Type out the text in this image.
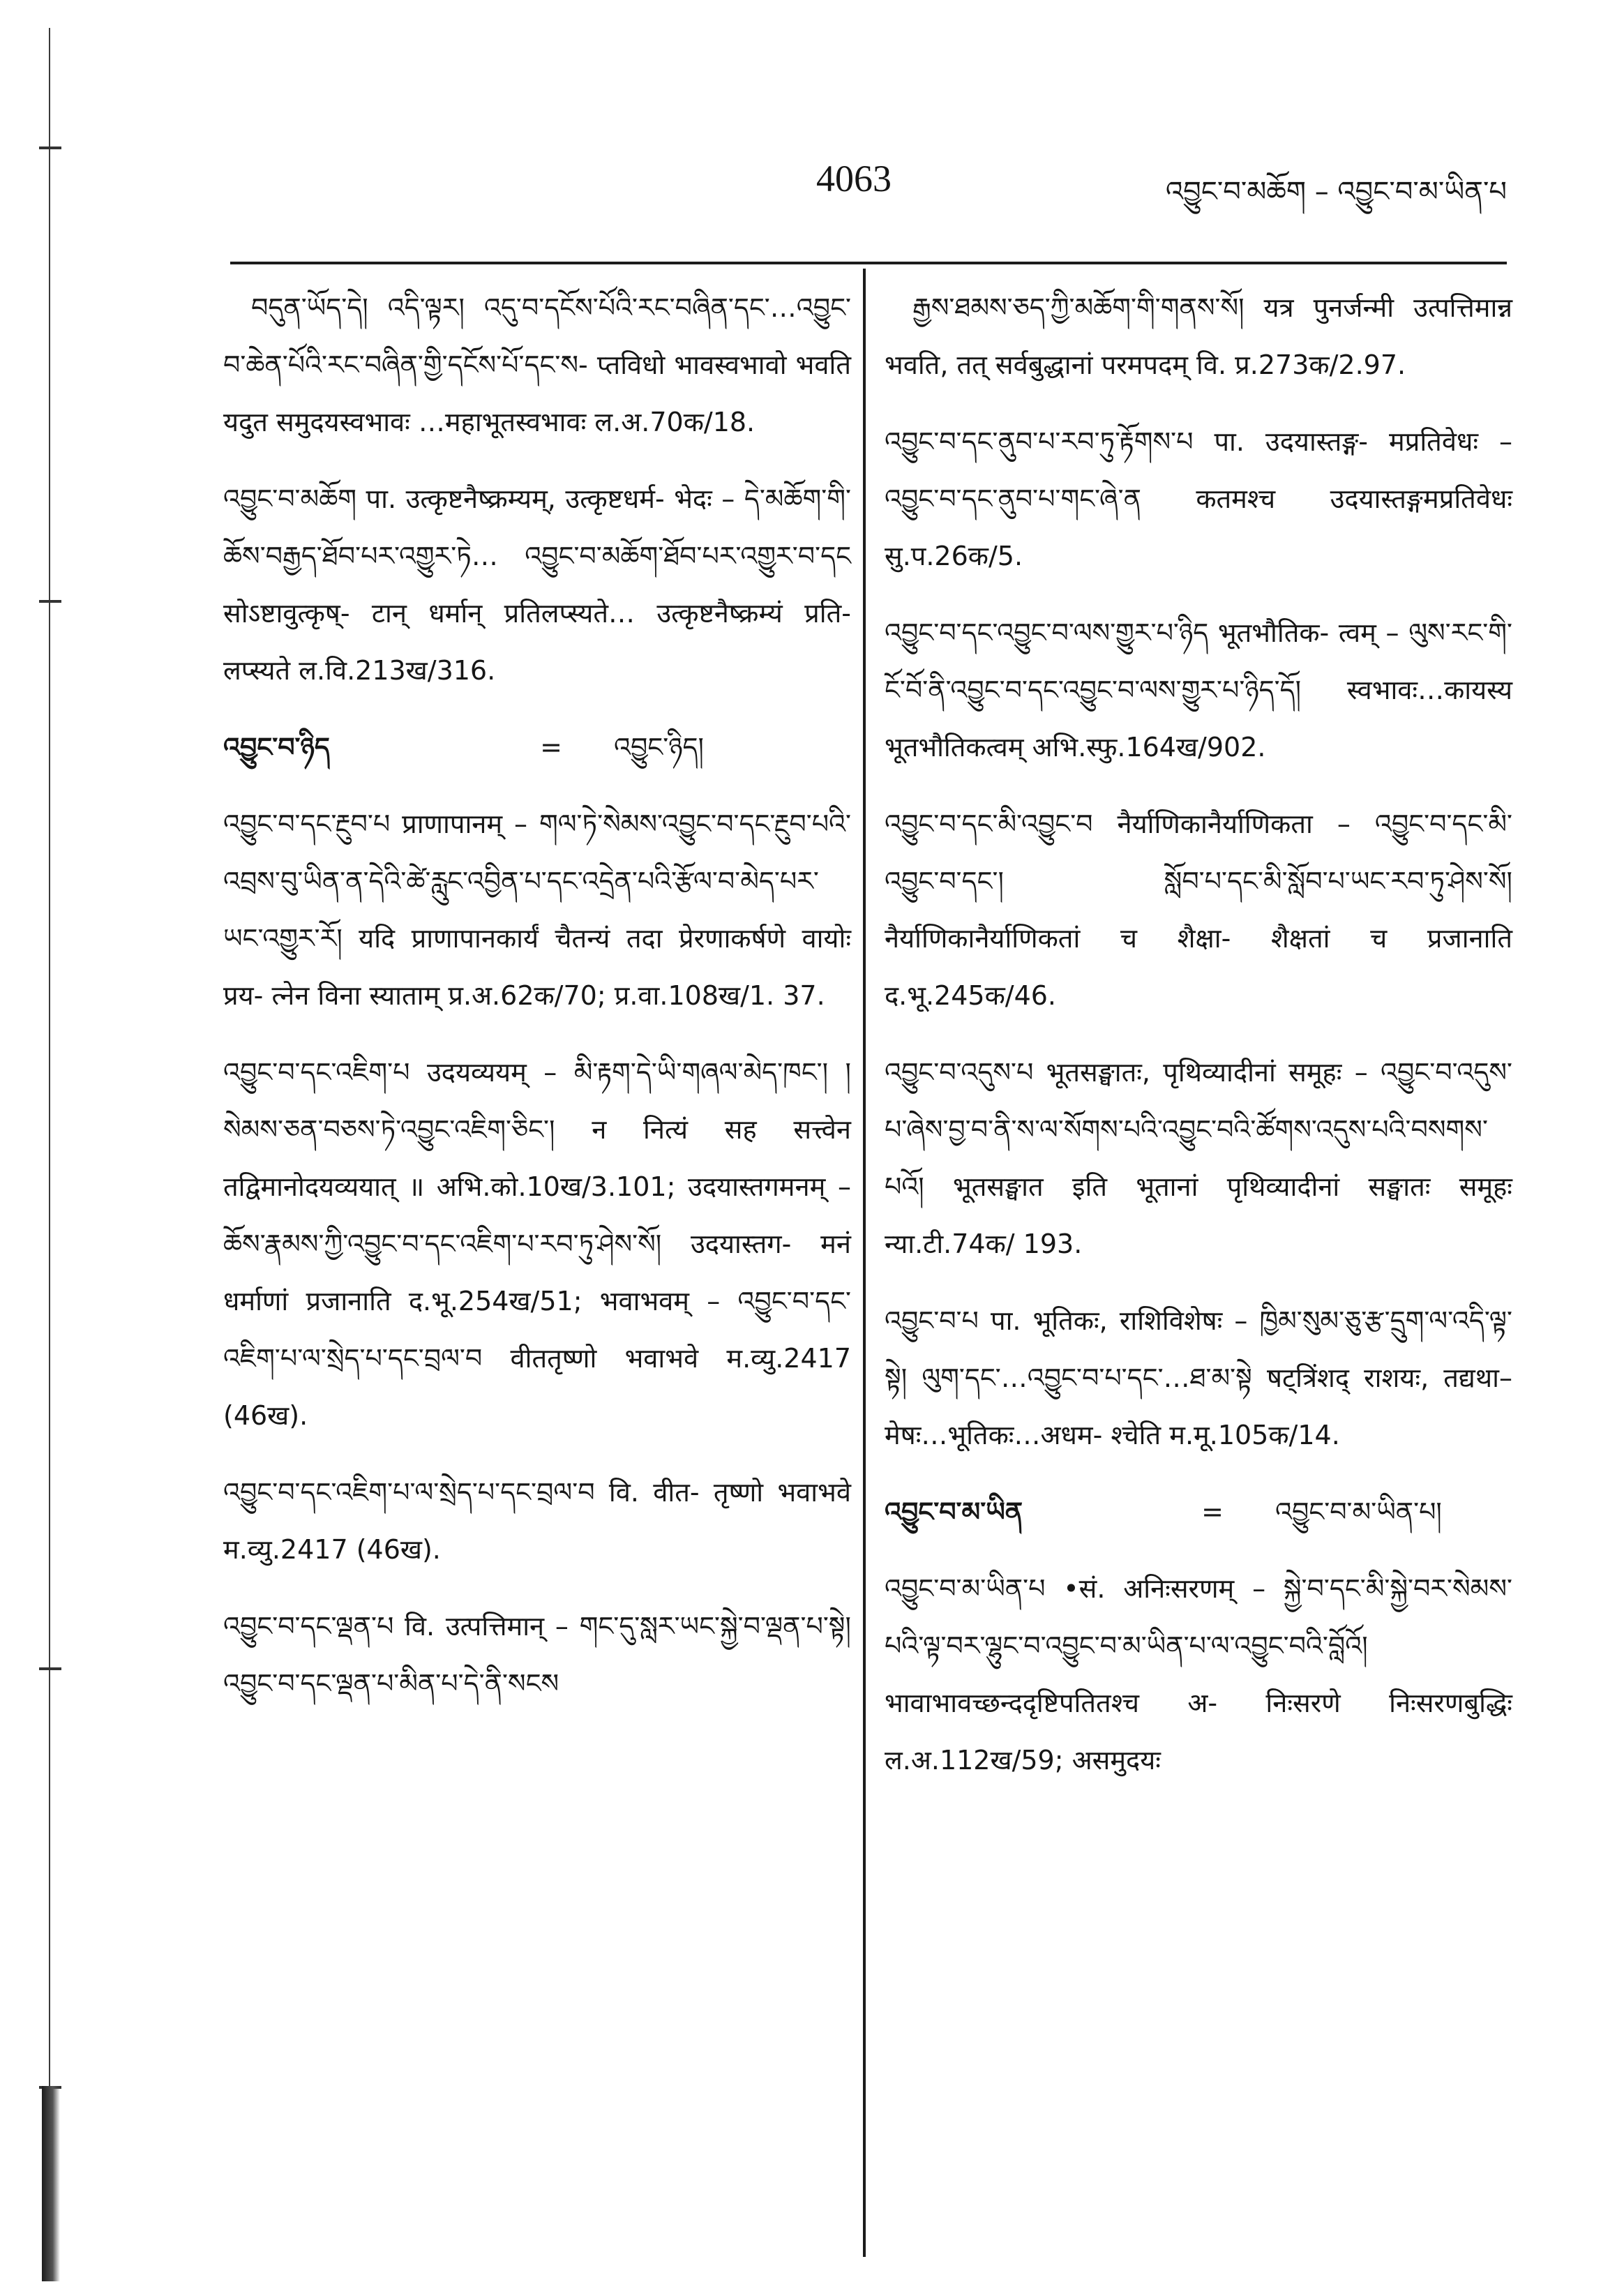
4063	འབྱུང་བ་མཆོག – འབྱུང་བ་མ་ཡིན་པ

བདུན་ཡོད་དེ། འདི་ལྟར། འདུ་བ་དངོས་པོའི་རང་བཞིན་དང་…འབྱུང་བ་ཆེན་པོའི་རང་བཞིན་གྱི་དངོས་པོ་དང་ས- प्तविधो भावस्वभावो भवति यदुत समुदयस्वभावः …महाभूतस्वभावः ल.अ.70क/18.

འབྱུང་བ་མཆོག पा. उत्कृष्टनैष्क्रम्यम्, उत्कृष्टधर्म- भेदः – དེ་མཆོག་གི་ཆོས་བརྒྱད་ཐོབ་པར་འགྱུར་ཏེ… འབྱུང་བ་མཆོག་ཐོབ་པར་འགྱུར་བ་དང सोऽष्टावुत्कृष्- टान् धर्मान् प्रतिलप्स्यते… उत्कृष्टनैष्क्रम्यं प्रति- लप्स्यते ल.वि.213ख/316.

འབྱུང་བ་ཉིད	= འབྱུང་ཉིད།

འབྱུང་བ་དང་རྔུབ་པ प्राणापानम् – གལ་ཏེ་སེམས་འབྱུང་བ་དང་རྔུབ་པའི་འབྲས་བུ་ཡིན་ན་དེའི་ཚེ་རླུང་འབྱིན་པ་དང་འདྲེན་པའི་རྩོལ་བ་མེད་པར་ཡང་འགྱུར་རོ། यदि प्राणापानकार्यं चैतन्यं तदा प्रेरणाकर्षणे वायोः प्रय- त्नेन विना स्याताम् प्र.अ.62क/70; प्र.वा.108ख/1. 37.

འབྱུང་བ་དང་འཇིག་པ उदयव्ययम् – མི་རྟག་དེ་ཡི་གཞལ་མེད་ཁང་། །སེམས་ཅན་བཅས་ཏེ་འབྱུང་འཇིག་ཅིང་། न नित्यं सह सत्त्वेन तद्विमानोदयव्ययात् ॥ अभि.को.10ख/3.101; उदयास्तगमनम् – ཆོས་རྣམས་ཀྱི་འབྱུང་བ་དང་འཇིག་པ་རབ་ཏུ་ཤེས་སོ། उदयास्तग- मनं धर्माणां प्रजानाति द.भू.254ख/51; भवाभवम् – འབྱུང་བ་དང་འཇིག་པ་ལ་སྲེད་པ་དང་བྲལ་བ वीततृष्णो भवाभवे म.व्यु.2417 (46ख).

འབྱུང་བ་དང་འཇིག་པ་ལ་སྲེད་པ་དང་བྲལ་བ वि. वीत- तृष्णो भवाभवे म.व्यु.2417 (46ख).

འབྱུང་བ་དང་ལྡན་པ वि. उत्पत्तिमान् – གང་དུ་སླར་ཡང་སྐྱེ་བ་ལྡན་པ་སྟེ། འབྱུང་བ་དང་ལྡན་པ་མིན་པ་དེ་ནི་སངས

རྒྱས་ཐམས་ཅད་ཀྱི་མཆོག་གི་གནས་སོ། यत्र पुनर्जन्मी उत्पत्तिमान्न भवति, तत् सर्वबुद्धानां परमपदम् वि. प्र.273क/2.97.

འབྱུང་བ་དང་ནུབ་པ་རབ་ཏུ་རྟོགས་པ पा. उदयास्तङ्ग- मप्रतिवेधः – འབྱུང་བ་དང་ནུབ་པ་གང་ཞེ་ན कतमश्च उदयास्तङ्गमप्रतिवेधः सु.प.26क/5.

འབྱུང་བ་དང་འབྱུང་བ་ལས་གྱུར་པ་ཉིད भूतभौतिक- त्वम् – ལུས་རང་གི་ངོ་བོ་ནི་འབྱུང་བ་དང་འབྱུང་བ་ལས་གྱུར་པ་ཉིད་དོ། स्वभावः…कायस्य भूतभौतिकत्वम् अभि.स्फु.164ख/902.

འབྱུང་བ་དང་མི་འབྱུང་བ नैर्याणिकानैर्याणिकता – འབྱུང་བ་དང་མི་འབྱུང་བ་དང་། སློབ་པ་དང་མི་སློབ་པ་ཡང་རབ་ཏུ་ཤེས་སོ། नैर्याणिकानैर्याणिकतां च शैक्षा- शैक्षतां च प्रजानाति द.भू.245क/46.

འབྱུང་བ་འདུས་པ भूतसङ्घातः, पृथिव्यादीनां समूहः – འབྱུང་བ་འདུས་པ་ཞེས་བྱ་བ་ནི་ས་ལ་སོགས་པའི་འབྱུང་བའི་ཚོགས་འདུས་པའི་བསགས་པའོ། भूतसङ्घात इति भूतानां पृथिव्यादीनां सङ्घातः समूहः न्या.टी.74क/ 193.

འབྱུང་བ་པ पा. भूतिकः, राशिविशेषः – ཁྱིམ་སུམ་ཅུ་རྩ་དྲུག་ལ་འདི་ལྟ་སྟེ། ལུག་དང་…འབྱུང་བ་པ་དང་…ཐ་མ་སྟེ षट्त्रिंशद् राशयः, तद्यथा–मेषः…भूतिकः…अधम- श्चेति म.मू.105क/14.

འབྱུང་བ་མ་ཡིན	= འབྱུང་བ་མ་ཡིན་པ།

འབྱུང་བ་མ་ཡིན་པ •सं. अनिःसरणम् – སྐྱེ་བ་དང་མི་སྐྱེ་བར་སེམས་པའི་ལྟ་བར་ལྷུང་བ་འབྱུང་བ་མ་ཡིན་པ་ལ་འབྱུང་བའི་བློའོ། भावाभावच्छन्ददृष्टिपतितश्च अ- निःसरणे निःसरणबुद्धिः ल.अ.112ख/59; असमुदयः
